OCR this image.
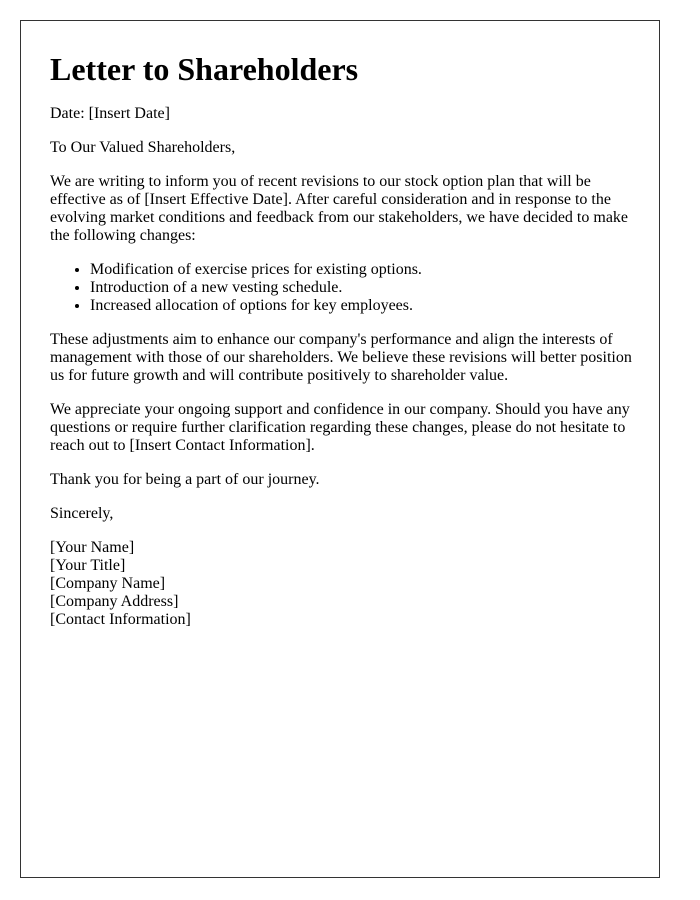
Letter to Shareholders

Date: [Insert Date]

To Our Valued Shareholders,

We are writing to inform you of recent revisions to our stock option plan that will be effective as of [Insert Effective Date]. After careful consideration and in response to the evolving market conditions and feedback from our stakeholders, we have decided to make the following changes:

• Modification of exercise prices for existing options.
• Introduction of a new vesting schedule.
• Increased allocation of options for key employees.

These adjustments aim to enhance our company's performance and align the interests of management with those of our shareholders. We believe these revisions will better position us for future growth and will contribute positively to shareholder value.

We appreciate your ongoing support and confidence in our company. Should you have any questions or require further clarification regarding these changes, please do not hesitate to reach out to [Insert Contact Information].

Thank you for being a part of our journey.

Sincerely,

[Your Name]
[Your Title]
[Company Name]
[Company Address]
[Contact Information]
